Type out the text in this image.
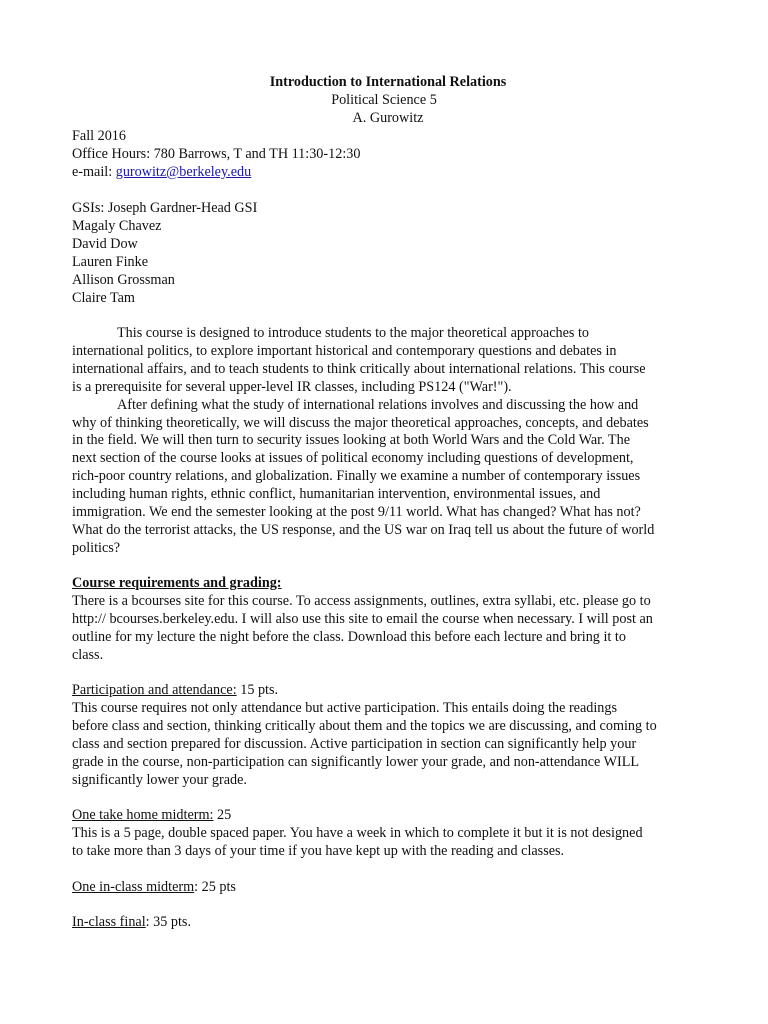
Introduction to International Relations
Political Science 5
A. Gurowitz
Fall 2016
Office Hours: 780 Barrows, T and TH 11:30-12:30
e-mail: gurowitz@berkeley.edu
GSIs: Joseph Gardner-Head GSI
Magaly Chavez
David Dow
Lauren Finke
Allison Grossman
Claire Tam
This course is designed to introduce students to the major theoretical approaches to
international politics, to explore important historical and contemporary questions and debates in
international affairs, and to teach students to think critically about international relations. This course
is a prerequisite for several upper-level IR classes, including PS124 ("War!").
After defining what the study of international relations involves and discussing the how and
why of thinking theoretically, we will discuss the major theoretical approaches, concepts, and debates
in the field. We will then turn to security issues looking at both World Wars and the Cold War. The
next section of the course looks at issues of political economy including questions of development,
rich-poor country relations, and globalization. Finally we examine a number of contemporary issues
including human rights, ethnic conflict, humanitarian intervention, environmental issues, and
immigration. We end the semester looking at the post 9/11 world. What has changed? What has not?
What do the terrorist attacks, the US response, and the US war on Iraq tell us about the future of world
politics?
Course requirements and grading:
There is a bcourses site for this course. To access assignments, outlines, extra syllabi, etc. please go to
http:// bcourses.berkeley.edu. I will also use this site to email the course when necessary. I will post an
outline for my lecture the night before the class. Download this before each lecture and bring it to
class.
Participation and attendance: 15 pts.
This course requires not only attendance but active participation. This entails doing the readings
before class and section, thinking critically about them and the topics we are discussing, and coming to
class and section prepared for discussion. Active participation in section can significantly help your
grade in the course, non-participation can significantly lower your grade, and non-attendance WILL
significantly lower your grade.
One take home midterm: 25
This is a 5 page, double spaced paper. You have a week in which to complete it but it is not designed
to take more than 3 days of your time if you have kept up with the reading and classes.
One in-class midterm: 25 pts
In-class final: 35 pts.
